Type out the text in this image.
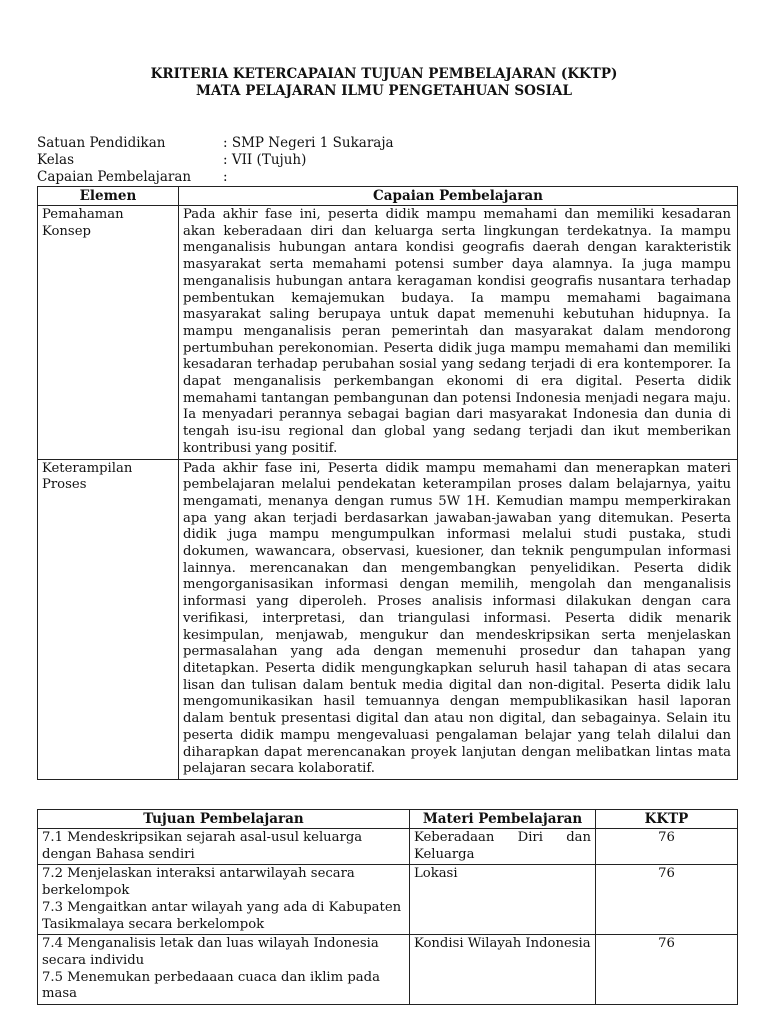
KRITERIA KETERCAPAIAN TUJUAN PEMBELAJARAN (KKTP)
MATA PELAJARAN ILMU PENGETAHUAN SOSIAL
Satuan Pendidikan	: SMP Negeri 1 Sukaraja
Kelas	: VII (Tujuh)
Capaian Pembelajaran :
Elemen	Capaian Pembelajaran
Pemahaman Konsep	Pada akhir fase ini, peserta didik mampu memahami dan memiliki kesadaran akan keberadaan diri dan keluarga serta lingkungan terdekatnya. Ia mampu menganalisis hubungan antara kondisi geografis daerah dengan karakteristik masyarakat serta memahami potensi sumber daya alamnya. Ia juga mampu menganalisis hubungan antara keragaman kondisi geografis nusantara terhadap pembentukan kemajemukan budaya. Ia mampu memahami bagaimana masyarakat saling berupaya untuk dapat memenuhi kebutuhan hidupnya. Ia mampu menganalisis peran pemerintah dan masyarakat dalam mendorong pertumbuhan perekonomian. Peserta didik juga mampu memahami dan memiliki kesadaran terhadap perubahan sosial yang sedang terjadi di era kontemporer. Ia dapat menganalisis perkembangan ekonomi di era digital. Peserta didik memahami tantangan pembangunan dan potensi Indonesia menjadi negara maju. Ia menyadari perannya sebagai bagian dari masyarakat Indonesia dan dunia di tengah isu-isu regional dan global yang sedang terjadi dan ikut memberikan kontribusi yang positif.
Keterampilan Proses	Pada akhir fase ini, Peserta didik mampu memahami dan menerapkan materi pembelajaran melalui pendekatan keterampilan proses dalam belajarnya, yaitu mengamati, menanya dengan rumus 5W 1H. Kemudian mampu memperkirakan apa yang akan terjadi berdasarkan jawaban-jawaban yang ditemukan. Peserta didik juga mampu mengumpulkan informasi melalui studi pustaka, studi dokumen, wawancara, observasi, kuesioner, dan teknik pengumpulan informasi lainnya. merencanakan dan mengembangkan penyelidikan. Peserta didik mengorganisasikan informasi dengan memilih, mengolah dan menganalisis informasi yang diperoleh. Proses analisis informasi dilakukan dengan cara verifikasi, interpretasi, dan triangulasi informasi. Peserta didik menarik kesimpulan, menjawab, mengukur dan mendeskripsikan serta menjelaskan permasalahan yang ada dengan memenuhi prosedur dan tahapan yang ditetapkan. Peserta didik mengungkapkan seluruh hasil tahapan di atas secara lisan dan tulisan dalam bentuk media digital dan non-digital. Peserta didik lalu mengomunikasikan hasil temuannya dengan mempublikasikan hasil laporan dalam bentuk presentasi digital dan atau non digital, dan sebagainya. Selain itu peserta didik mampu mengevaluasi pengalaman belajar yang telah dilalui dan diharapkan dapat merencanakan proyek lanjutan dengan melibatkan lintas mata pelajaran secara kolaboratif.
Tujuan Pembelajaran	Materi Pembelajaran	KKTP

7.1 Mendeskripsikan sejarah asal-usul keluarga dengan Bahasa sendiri	Keberadaan Diri dan Keluarga	76

7.2 Menjelaskan interaksi antarwilayah secara berkelompok
7.3 Mengaitkan antar wilayah yang ada di Kabupaten Tasikmalaya secara berkelompok	Lokasi	76

7.4 Menganalisis letak dan luas wilayah Indonesia secara individu
7.5 Menemukan perbedaaan cuaca dan iklim pada masa	Kondisi Wilayah Indonesia	76
